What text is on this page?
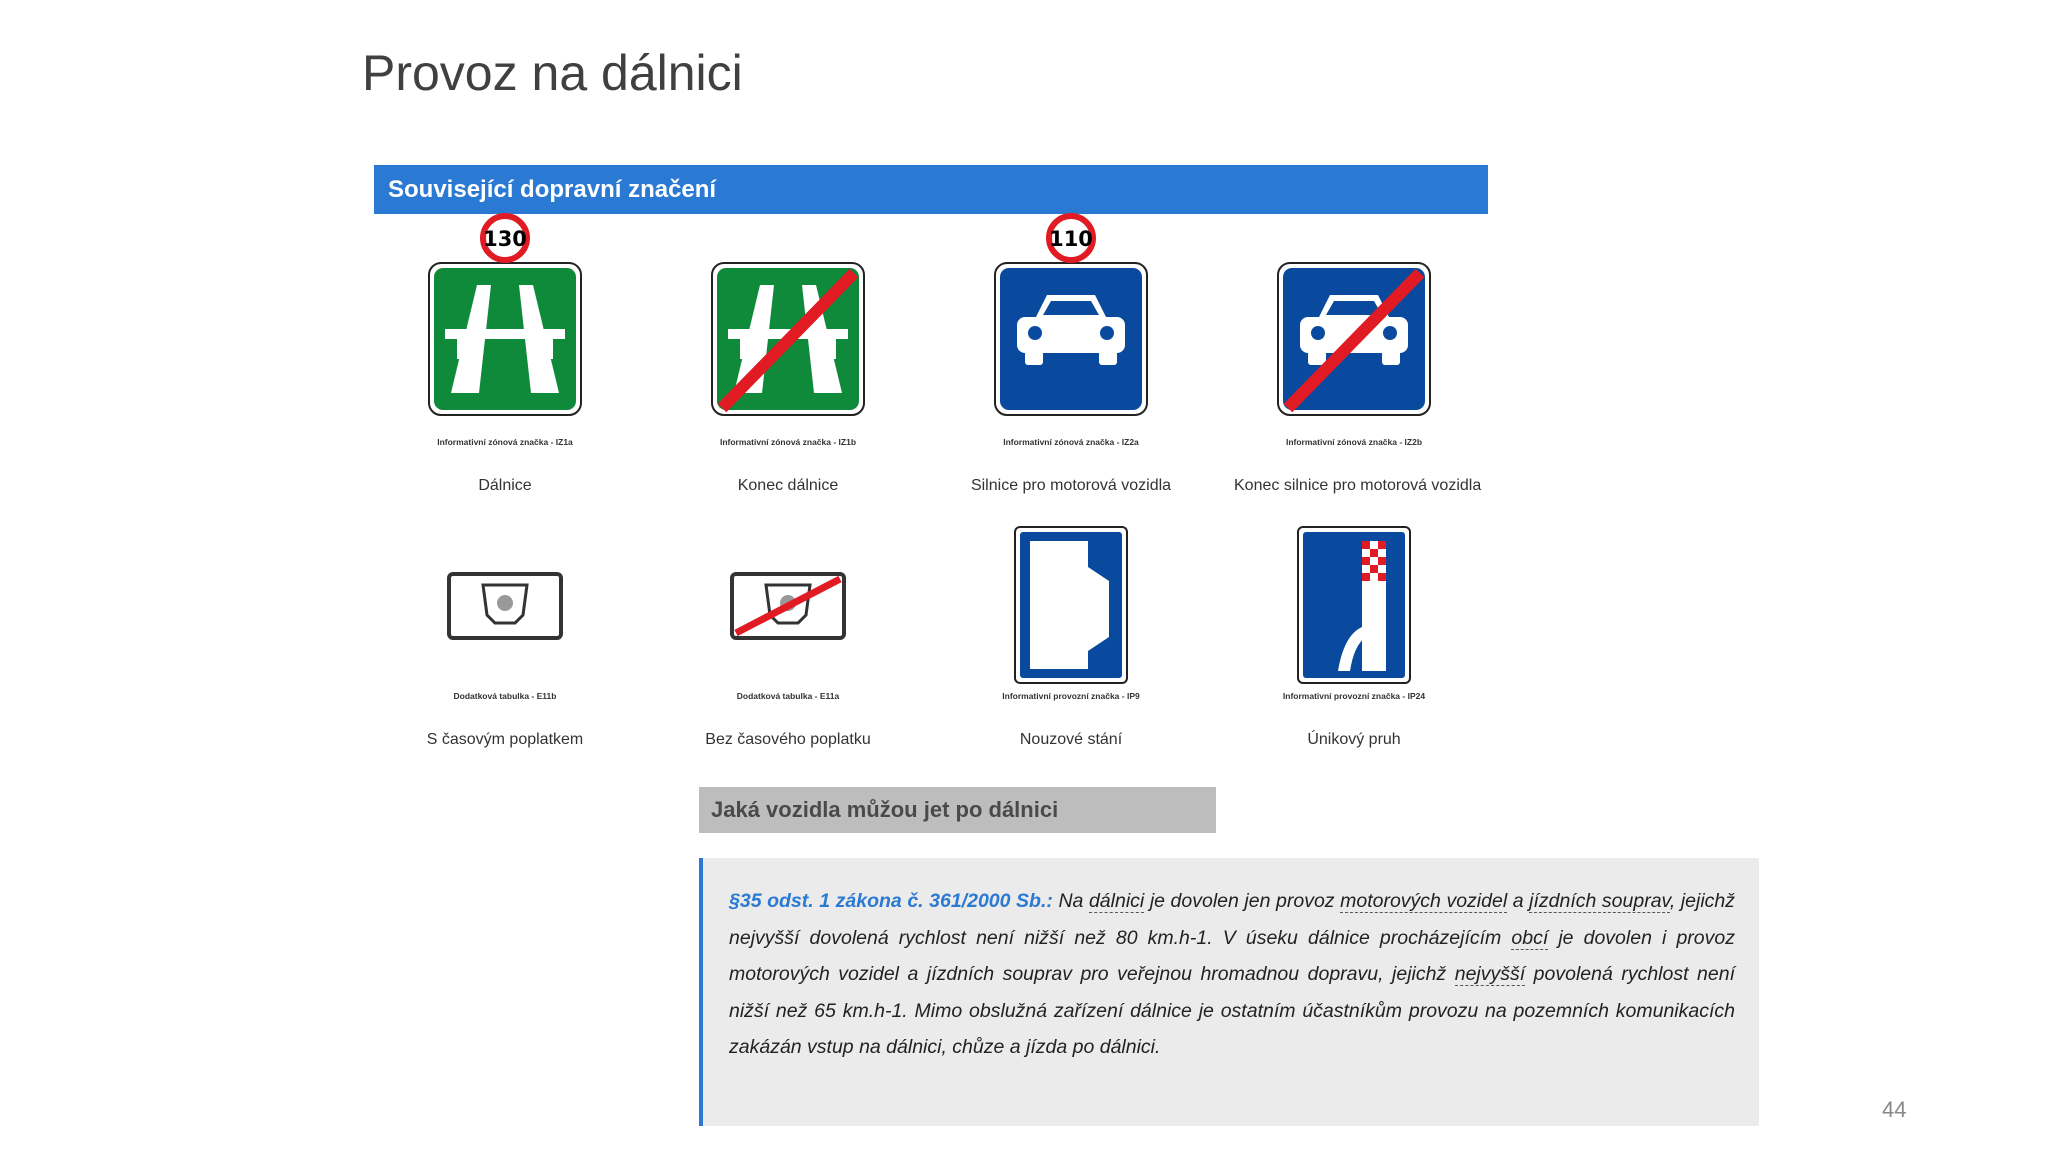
Provoz na dálnici
Související dopravní značení
130
Informativní zónová značka - IZ1a
Dálnice
Informativní zónová značka - IZ1b
Konec dálnice
110
Informativní zónová značka - IZ2a
Silnice pro motorová vozidla
Informativní zónová značka - IZ2b
Konec silnice pro motorová vozidla
Dodatková tabulka - E11b
S časovým poplatkem
Dodatková tabulka - E11a
Bez časového poplatku
Informativní provozní značka - IP9
Nouzové stání
Informativní provozní značka - IP24
Únikový pruh
Jaká vozidla můžou jet po dálnici

§35 odst. 1 zákona č. 361/2000 Sb.: Na dálnici je dovolen jen provoz motorových vozidel a jízdních souprav, jejichž nejvyšší dovolená rychlost není nižší než 80 km.h-1. V úseku dálnice procházejícím obcí je dovolen i provoz motorových vozidel a jízdních souprav pro veřejnou hromadnou dopravu, jejichž nejvyšší povolená rychlost není nižší než 65 km.h-1. Mimo obslužná zařízení dálnice je ostatním účastníkům provozu na pozemních komunikacích zakázán vstup na dálnici, chůze a jízda po dálnici.

44
